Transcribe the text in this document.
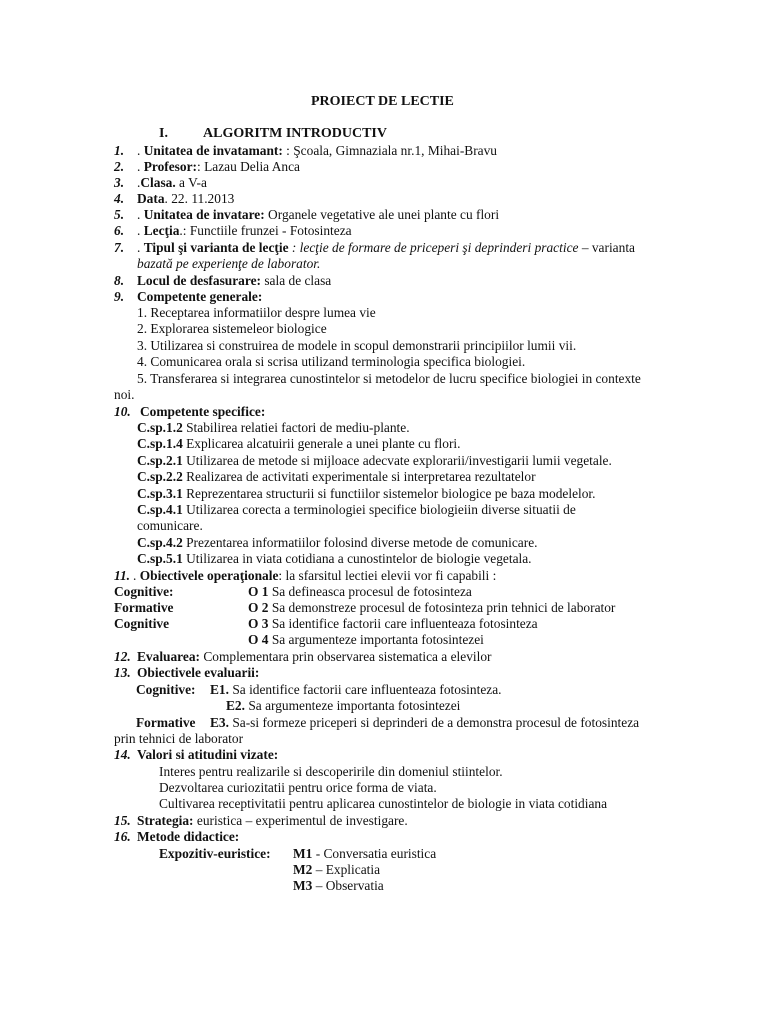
PROIECT DE LECTIE
I.	ALGORITM INTRODUCTIV
1. . Unitatea de invatamant: : Şcoala, Gimnaziala nr.1, Mihai-Bravu
2. . Profesor:: Lazau Delia Anca
3. .Clasa. a V-a
4. Data. 22. 11.2013
5. . Unitatea de invatare: Organele vegetative ale unei plante cu flori
6. . Lecţia.: Functiile frunzei - Fotosinteza
7. . Tipul şi varianta de lecţie : lecţie de formare de priceperi şi deprinderi practice – varianta
bazată pe experienţe de laborator.
8. Locul de desfasurare: sala de clasa
9. Competente generale:
1. Receptarea informatiilor despre lumea vie
2. Explorarea sistemeleor biologice
3. Utilizarea si construirea de modele in scopul demonstrarii principiilor lumii vii.
4. Comunicarea orala si scrisa utilizand terminologia specifica biologiei.
5. Transferarea si integrarea cunostintelor si metodelor de lucru specifice biologiei in contexte
noi.
10. Competente specifice:
C.sp.1.2 Stabilirea relatiei factori de mediu-plante.
C.sp.1.4 Explicarea alcatuirii generale a unei plante cu flori.
C.sp.2.1 Utilizarea de metode si mijloace adecvate explorarii/investigarii lumii vegetale.
C.sp.2.2 Realizarea de activitati experimentale si interpretarea rezultatelor
C.sp.3.1 Reprezentarea structurii si functiilor sistemelor biologice pe baza modelelor.
C.sp.4.1 Utilizarea corecta a terminologiei specifice biologieiin diverse situatii de
comunicare.
C.sp.4.2 Prezentarea informatiilor folosind diverse metode de comunicare.
C.sp.5.1 Utilizarea in viata cotidiana a cunostintelor de biologie vegetala.
11. . Obiectivele operaţionale: la sfarsitul lectiei elevii vor fi capabili :
Cognitive:	O 1 Sa defineasca procesul de fotosinteza
Formative	O 2 Sa demonstreze procesul de fotosinteza prin tehnici de laborator
Cognitive	O 3 Sa identifice factorii care influenteaza fotosinteza
O 4 Sa argumenteze importanta fotosintezei
12. Evaluarea: Complementara prin observarea sistematica a elevilor
13. Obiectivele evaluarii:
Cognitive: E1. Sa identifice factorii care influenteaza fotosinteza.
E2. Sa argumenteze importanta fotosintezei
Formative E3. Sa-si formeze priceperi si deprinderi de a demonstra procesul de fotosinteza
prin tehnici de laborator
14. Valori si atitudini vizate:
Interes pentru realizarile si descoperirile din domeniul stiintelor.
Dezvoltarea curiozitatii pentru orice forma de viata.
Cultivarea receptivitatii pentru aplicarea cunostintelor de biologie in viata cotidiana
15. Strategia: euristica – experimentul de investigare.
16. Metode didactice:
Expozitiv-euristice: M1 - Conversatia euristica
M2 – Explicatia
M3 – Observatia
